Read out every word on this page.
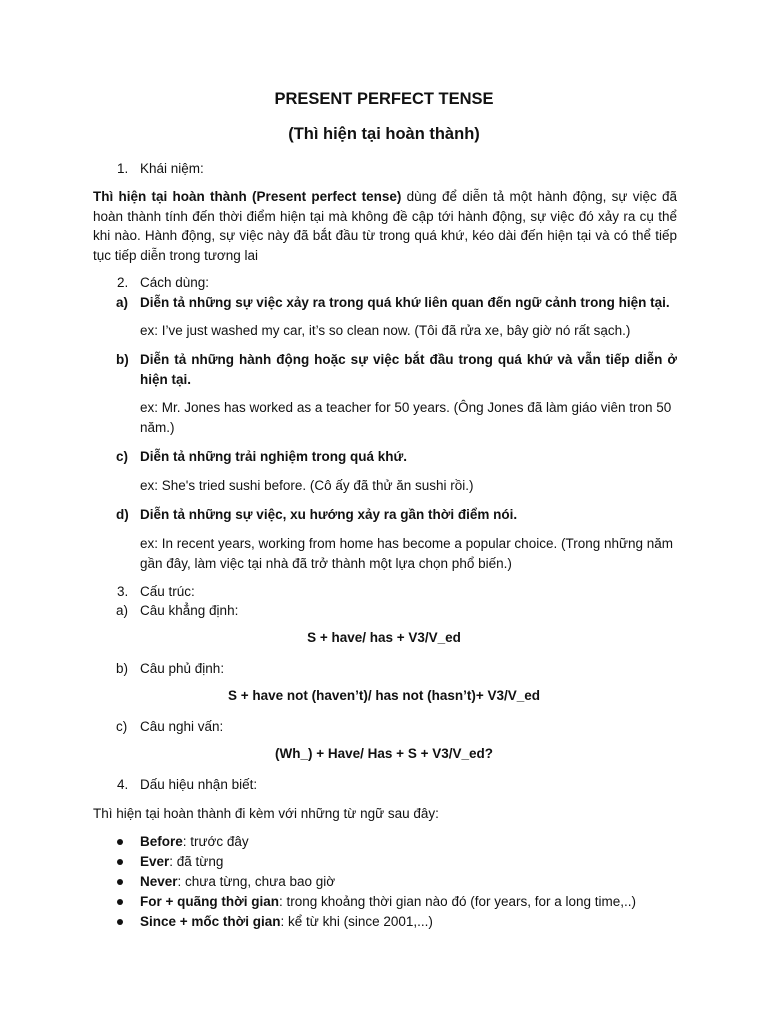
PRESENT PERFECT TENSE
(Thì hiện tại hoàn thành)
1. Khái niệm:
Thì hiện tại hoàn thành (Present perfect tense) dùng để diễn tả một hành động, sự việc đã hoàn thành tính đến thời điểm hiện tại mà không đề cập tới hành động, sự việc đó xảy ra cụ thể khi nào. Hành động, sự việc này đã bắt đầu từ trong quá khứ, kéo dài đến hiện tại và có thể tiếp tục tiếp diễn trong tương lai
2. Cách dùng:
a) Diễn tả những sự việc xảy ra trong quá khứ liên quan đến ngữ cảnh trong hiện tại.
ex: I’ve just washed my car, it’s so clean now. (Tôi đã rửa xe, bây giờ nó rất sạch.)
b) Diễn tả những hành động hoặc sự việc bắt đầu trong quá khứ và vẫn tiếp diễn ở hiện tại.
ex: Mr. Jones has worked as a teacher for 50 years. (Ông Jones đã làm giáo viên tron 50 năm.)
c) Diễn tả những trải nghiệm trong quá khứ.
ex: She's tried sushi before. (Cô ấy đã thử ăn sushi rồi.)
d) Diễn tả những sự việc, xu hướng xảy ra gần thời điểm nói.
ex: In recent years, working from home has become a popular choice. (Trong những năm gần đây, làm việc tại nhà đã trở thành một lựa chọn phổ biến.)
3. Cấu trúc:
a) Câu khẳng định:
S + have/ has + V3/V_ed
b) Câu phủ định:
S + have not (haven’t)/ has not (hasn’t)+ V3/V_ed
c) Câu nghi vấn:
(Wh_) + Have/ Has + S + V3/V_ed?
4. Dấu hiệu nhận biết:
Thì hiện tại hoàn thành đi kèm với những từ ngữ sau đây:
Before: trước đây
Ever: đã từng
Never: chưa từng, chưa bao giờ
For + quãng thời gian: trong khoảng thời gian nào đó (for years, for a long time,..)
Since + mốc thời gian: kể từ khi (since 2001,...)
